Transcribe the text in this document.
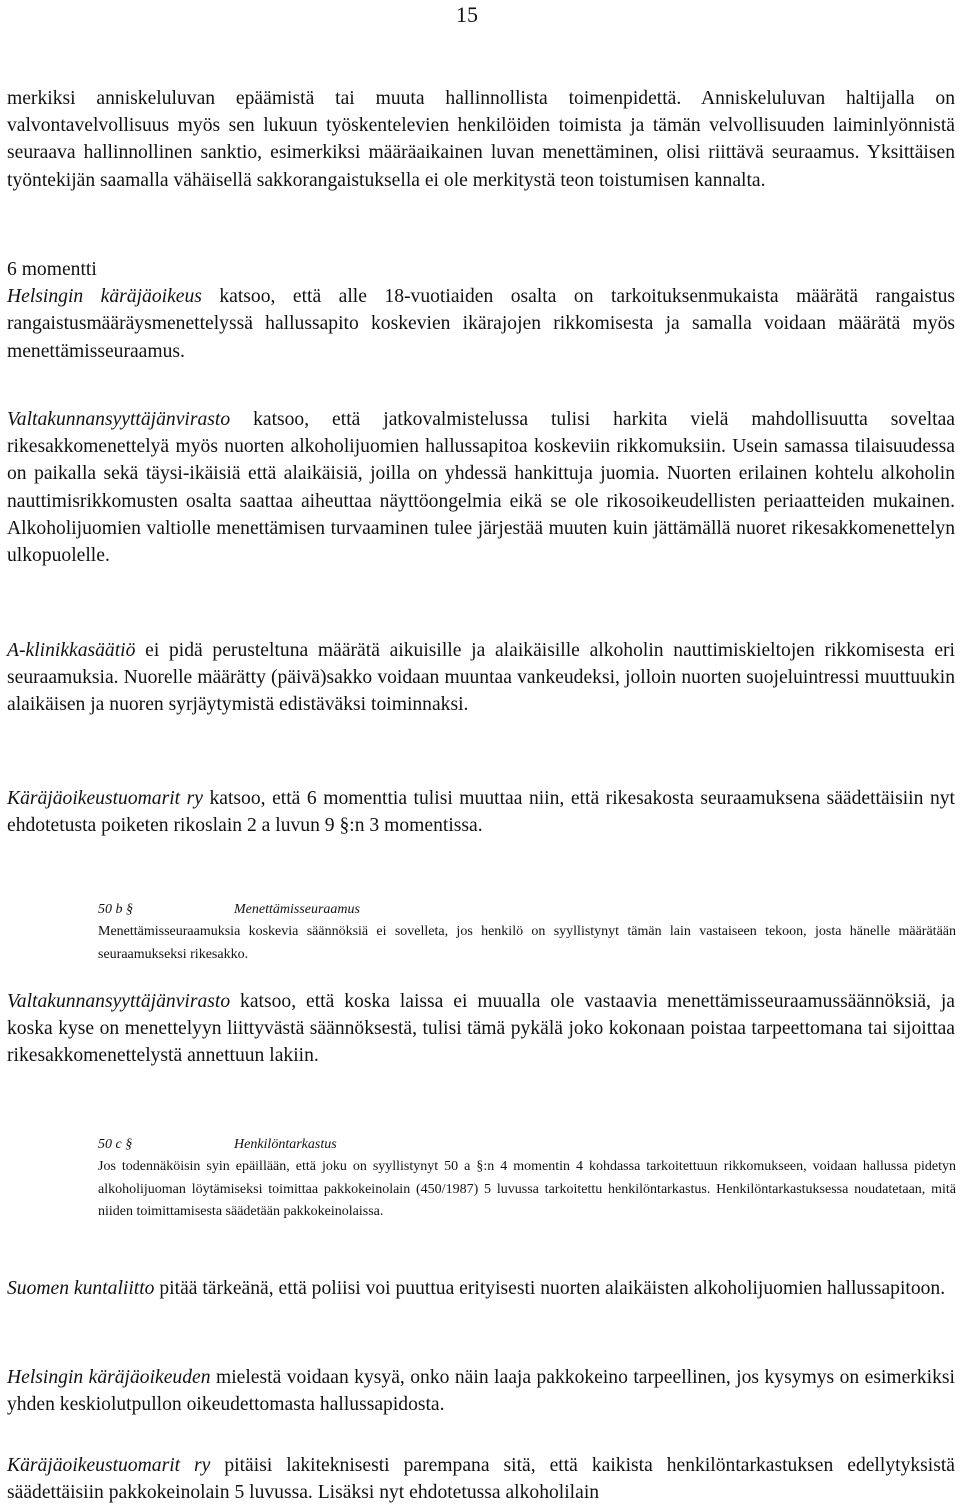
15

merkiksi anniskeluluvan epäämistä tai muuta hallinnollista toimenpidettä. Anniskeluluvan haltijalla on valvontavelvollisuus myös sen lukuun työskentelevien henkilöiden toimista ja tämän velvollisuuden laiminlyönnistä seuraava hallinnollinen sanktio, esimerkiksi määräaikainen luvan menettäminen, olisi riittävä seuraamus. Yksittäisen työntekijän saamalla vähäisellä sakkorangaistuksella ei ole merkitystä teon toistumisen kannalta.

6 momentti
Helsingin käräjäoikeus katsoo, että alle 18-vuotiaiden osalta on tarkoituksenmukaista määrätä rangaistus rangaistusmääräysmenettelyssä hallussapito koskevien ikärajojen rikkomisesta ja samalla voidaan määrätä myös menettämisseuraamus.

Valtakunnansyyttäjänvirasto katsoo, että jatkovalmistelussa tulisi harkita vielä mahdollisuutta soveltaa rikesakkomenettelyä myös nuorten alkoholijuomien hallussapitoa koskeviin rikkomuksiin. Usein samassa tilaisuudessa on paikalla sekä täysi-ikäisiä että alaikäisiä, joilla on yhdessä hankittuja juomia. Nuorten erilainen kohtelu alkoholin nauttimisrikkomusten osalta saattaa aiheuttaa näyttöongelmia eikä se ole rikosoikeudellisten periaatteiden mukainen. Alkoholijuomien valtiolle menettämisen turvaaminen tulee järjestää muuten kuin jättämällä nuoret rikesakkomenettelyn ulkopuolelle.

A-klinikkasäätiö ei pidä perusteltuna määrätä aikuisille ja alaikäisille alkoholin nauttimiskieltojen rikkomisesta eri seuraamuksia. Nuorelle määrätty (päivä)sakko voidaan muuntaa vankeudeksi, jolloin nuorten suojeluintressi muuttuukin alaikäisen ja nuoren syrjäytymistä edistäväksi toiminnaksi.

Käräjäoikeustuomarit ry katsoo, että 6 momenttia tulisi muuttaa niin, että rikesakosta seuraamuksena säädettäisiin nyt ehdotetusta poiketen rikoslain 2 a luvun 9 §:n 3 momentissa.

50 b §	Menettämisseuraamus
Menettämisseuraamuksia koskevia säännöksiä ei sovelleta, jos henkilö on syyllistynyt tämän lain vastaiseen tekoon, josta hänelle määrätään seuraamukseksi rikesakko.

Valtakunnansyyttäjänvirasto katsoo, että koska laissa ei muualla ole vastaavia menettämisseuraamussäännöksiä, ja koska kyse on menettelyyn liittyvästä säännöksestä, tulisi tämä pykälä joko kokonaan poistaa tarpeettomana tai sijoittaa rikesakkomenettelystä annettuun lakiin.

50 c §	Henkilöntarkastus
Jos todennäköisin syin epäillään, että joku on syyllistynyt 50 a §:n 4 momentin 4 kohdassa tarkoitettuun rikkomukseen, voidaan hallussa pidetyn alkoholijuoman löytämiseksi toimittaa pakkokeinolain (450/1987) 5 luvussa tarkoitettu henkilöntarkastus. Henkilöntarkastuksessa noudatetaan, mitä niiden toimittamisesta säädetään pakkokeinolaissa.

Suomen kuntaliitto pitää tärkeänä, että poliisi voi puuttua erityisesti nuorten alaikäisten alkoholijuomien hallussapitoon.

Helsingin käräjäoikeuden mielestä voidaan kysyä, onko näin laaja pakkokeino tarpeellinen, jos kysymys on esimerkiksi yhden keskiolutpullon oikeudettomasta hallussapidosta.

Käräjäoikeustuomarit ry pitäisi lakiteknisesti parempana sitä, että kaikista henkilöntarkastuksen edellytyksistä säädettäisiin pakkokeinolain 5 luvussa. Lisäksi nyt ehdotetussa alkoholilain
